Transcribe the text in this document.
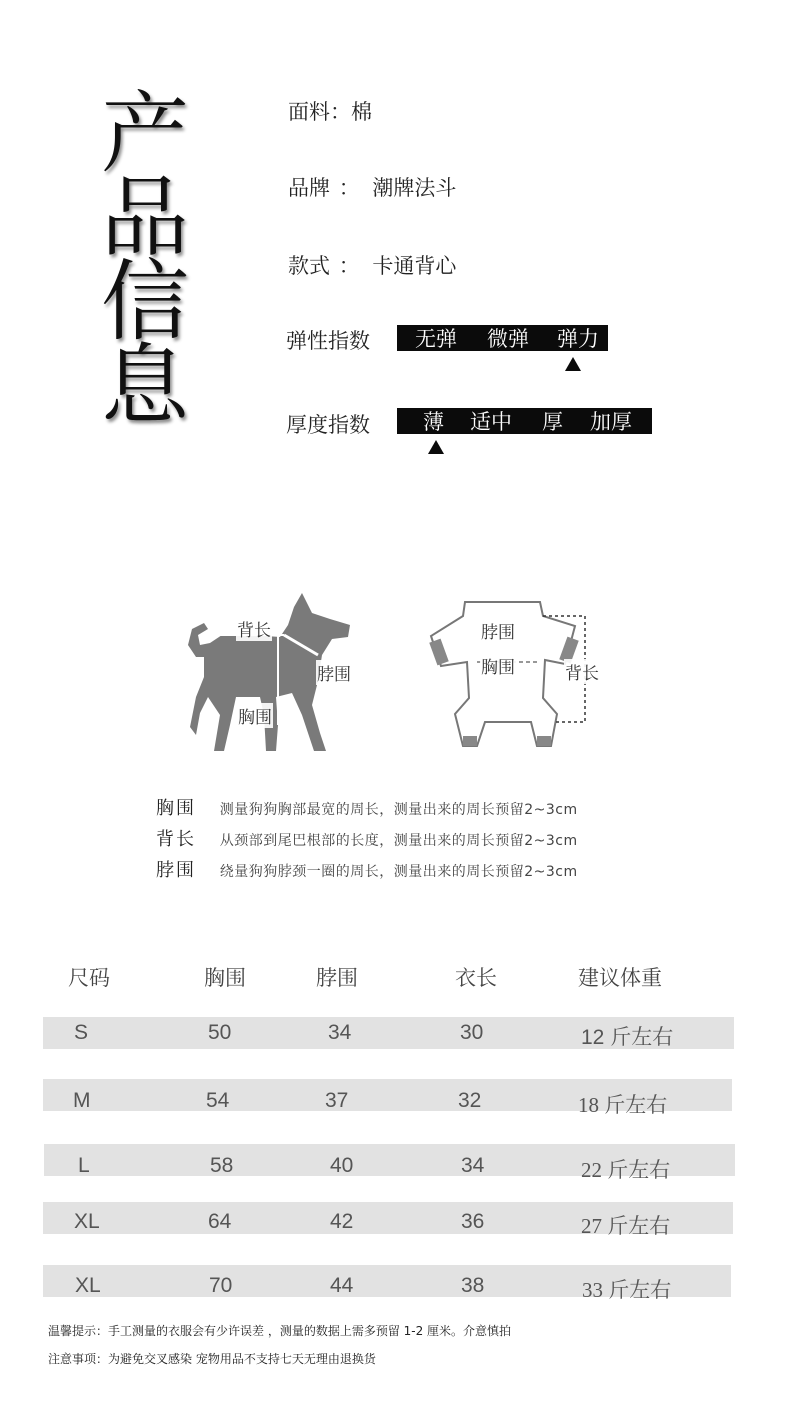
产
品
信
息
面料：棉
品牌 ： 潮牌法斗
款式 ： 卡通背心
弹性指数 无弹 微弹 弹力
厚度指数	薄 适中 厚 加厚
背长
脖围
胸围
脖围
胸围	背长
胸围 测量狗狗胸部最宽的周长，测量出来的周长预留2~3cm
背长 从颈部到尾巴根部的长度，测量出来的周长预留2~3cm
脖围 绕量狗狗脖颈一圈的周长，测量出来的周长预留2~3cm
尺码	胸围	脖围	衣长	建议体重
S	50	34	30	12 斤左右
M	54	37	32	18 斤左右
L	58	40	34	22 斤左右
XL	64	42	36	27 斤左右
XL	70	44	38	33 斤左右
温馨提示：手工测量的衣服会有少许误差 ，测量的数据上需多预留 1-2 厘米。介意慎拍
注意事项：为避免交叉感染 宠物用品不支持七天无理由退换货
